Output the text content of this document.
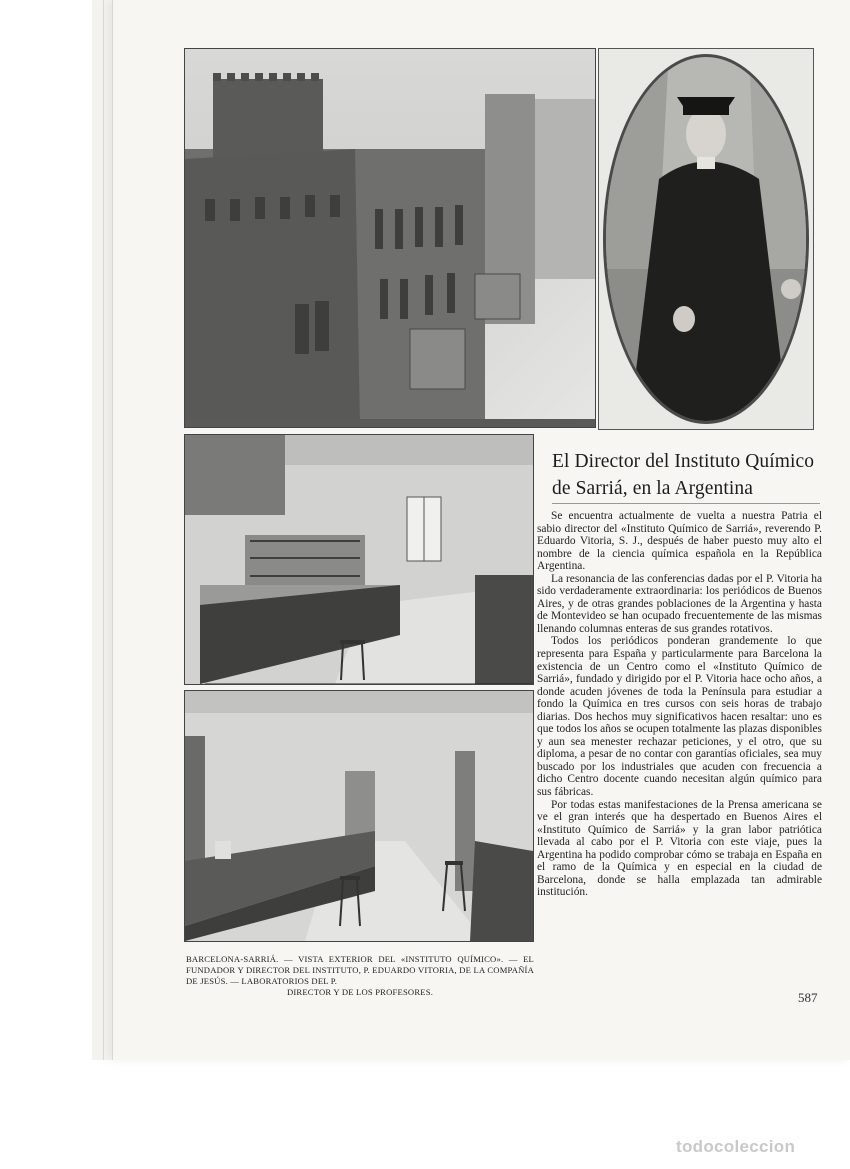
El Director del Instituto Químico de Sarriá, en la Argentina

Se encuentra actualmente de vuelta a nuestra Patria el sabio director del «Instituto Químico de Sarriá», reverendo P. Eduardo Vitoria, S. J., después de haber puesto muy alto el nombre de la ciencia química española en la República Argentina.

La resonancia de las conferencias dadas por el P. Vitoria ha sido verdaderamente extraordinaria: los periódicos de Buenos Aires, y de otras grandes poblaciones de la Argentina y hasta de Montevideo se han ocupado frecuentemente de las mismas llenando columnas enteras de sus grandes rotativos.

Todos los periódicos ponderan grandemente lo que representa para España y particularmente para Barcelona la existencia de un Centro como el «Instituto Químico de Sarriá», fundado y dirigido por el P. Vitoria hace ocho años, a donde acuden jóvenes de toda la Península para estudiar a fondo la Química en tres cursos con seis horas de trabajo diarias. Dos hechos muy significativos hacen resaltar: uno es que todos los años se ocupen totalmente las plazas disponibles y aun sea menester rechazar peticiones, y el otro, que su diploma, a pesar de no contar con garantías oficiales, sea muy buscado por los industriales que acuden con frecuencia a dicho Centro docente cuando necesitan algún químico para sus fábricas.

Por todas estas manifestaciones de la Prensa americana se ve el gran interés que ha despertado en Buenos Aires el «Instituto Químico de Sarriá» y la gran labor patriótica llevada al cabo por el P. Vitoria con este viaje, pues la Argentina ha podido comprobar cómo se trabaja en España en el ramo de la Química y en especial en la ciudad de Barcelona, donde se halla emplazada tan admirable institución.

BARCELONA-SARRIÁ. — VISTA EXTERIOR DEL «INSTITUTO QUÍMICO». — EL FUNDADOR Y DIRECTOR DEL INSTITUTO, P. EDUARDO VITORIA, DE LA COMPAÑÍA DE JESÚS. — LABORATORIOS DEL P.
DIRECTOR Y DE LOS PROFESORES.	587
todocoleccion
